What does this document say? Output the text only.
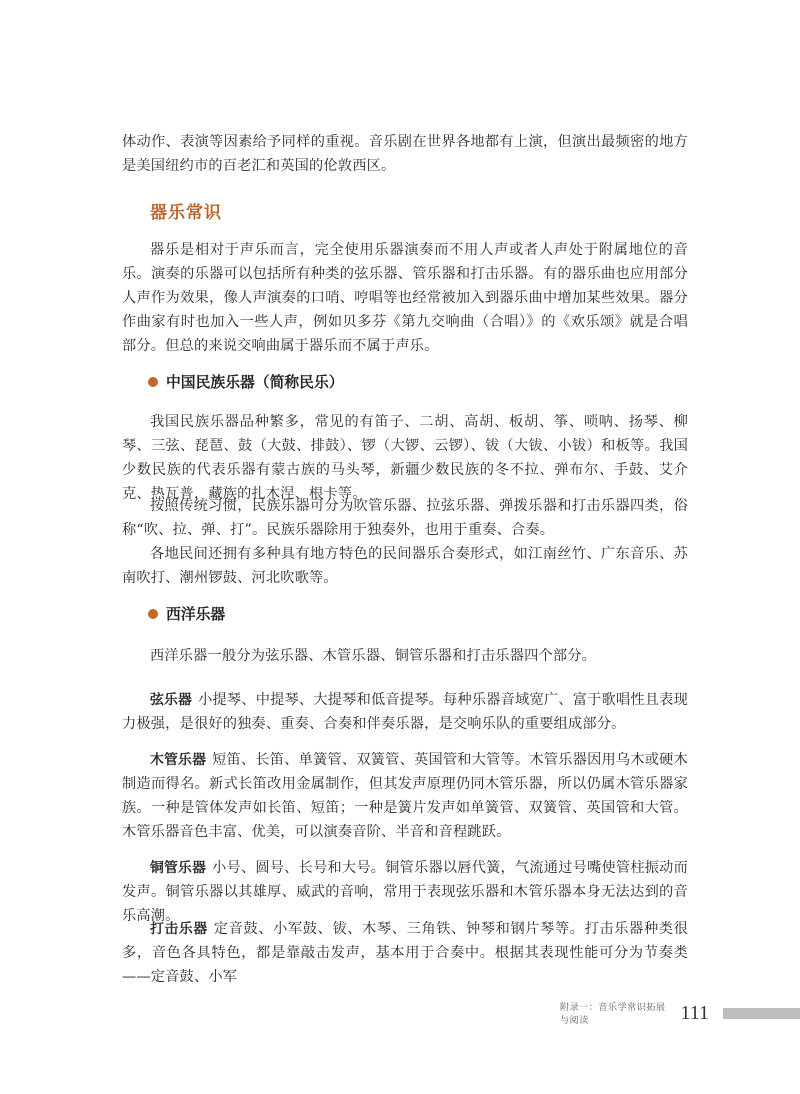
体动作、表演等因素给予同样的重视。音乐剧在世界各地都有上演，但演出最频密的地方是美国纽约市的百老汇和英国的伦敦西区。

器乐常识

器乐是相对于声乐而言，完全使用乐器演奏而不用人声或者人声处于附属地位的音乐。演奏的乐器可以包括所有种类的弦乐器、管乐器和打击乐器。有的器乐曲也应用部分人声作为效果，像人声演奏的口哨、哼唱等也经常被加入到器乐曲中增加某些效果。器分作曲家有时也加入一些人声，例如贝多芬《第九交响曲（合唱）》的《欢乐颂》就是合唱部分。但总的来说交响曲属于器乐而不属于声乐。

中国民族乐器（简称民乐）

我国民族乐器品种繁多，常见的有笛子、二胡、高胡、板胡、筝、唢呐、扬琴、柳琴、三弦、琵琶、鼓（大鼓、排鼓）、锣（大锣、云锣）、钹（大钹、小钹）和板等。我国少数民族的代表乐器有蒙古族的马头琴，新疆少数民族的冬不拉、弹布尔、手鼓、艾介克、热瓦普，藏族的扎木涅、根卡等。

按照传统习惯，民族乐器可分为吹管乐器、拉弦乐器、弹拨乐器和打击乐器四类，俗称“吹、拉、弹、打”。民族乐器除用于独奏外，也用于重奏、合奏。

各地民间还拥有多种具有地方特色的民间器乐合奏形式，如江南丝竹、广东音乐、苏南吹打、潮州锣鼓、河北吹歌等。

西洋乐器

西洋乐器一般分为弦乐器、木管乐器、铜管乐器和打击乐器四个部分。

弦乐器 小提琴、中提琴、大提琴和低音提琴。每种乐器音域宽广、富于歌唱性且表现力极强，是很好的独奏、重奏、合奏和伴奏乐器，是交响乐队的重要组成部分。

木管乐器 短笛、长笛、单簧管、双簧管、英国管和大管等。木管乐器因用乌木或硬木制造而得名。新式长笛改用金属制作，但其发声原理仍同木管乐器，所以仍属木管乐器家族。一种是管体发声如长笛、短笛；一种是簧片发声如单簧管、双簧管、英国管和大管。木管乐器音色丰富、优美，可以演奏音阶、半音和音程跳跃。

铜管乐器 小号、圆号、长号和大号。铜管乐器以唇代簧，气流通过号嘴使管柱振动而发声。铜管乐器以其雄厚、威武的音响，常用于表现弦乐器和木管乐器本身无法达到的音乐高潮。

打击乐器 定音鼓、小军鼓、钹、木琴、三角铁、钟琴和钢片琴等。打击乐器种类很多，音色各具特色，都是靠敲击发声，基本用于合奏中。根据其表现性能可分为节奏类——定音鼓、小军

附录一：音乐学常识拓展与阅读	111
